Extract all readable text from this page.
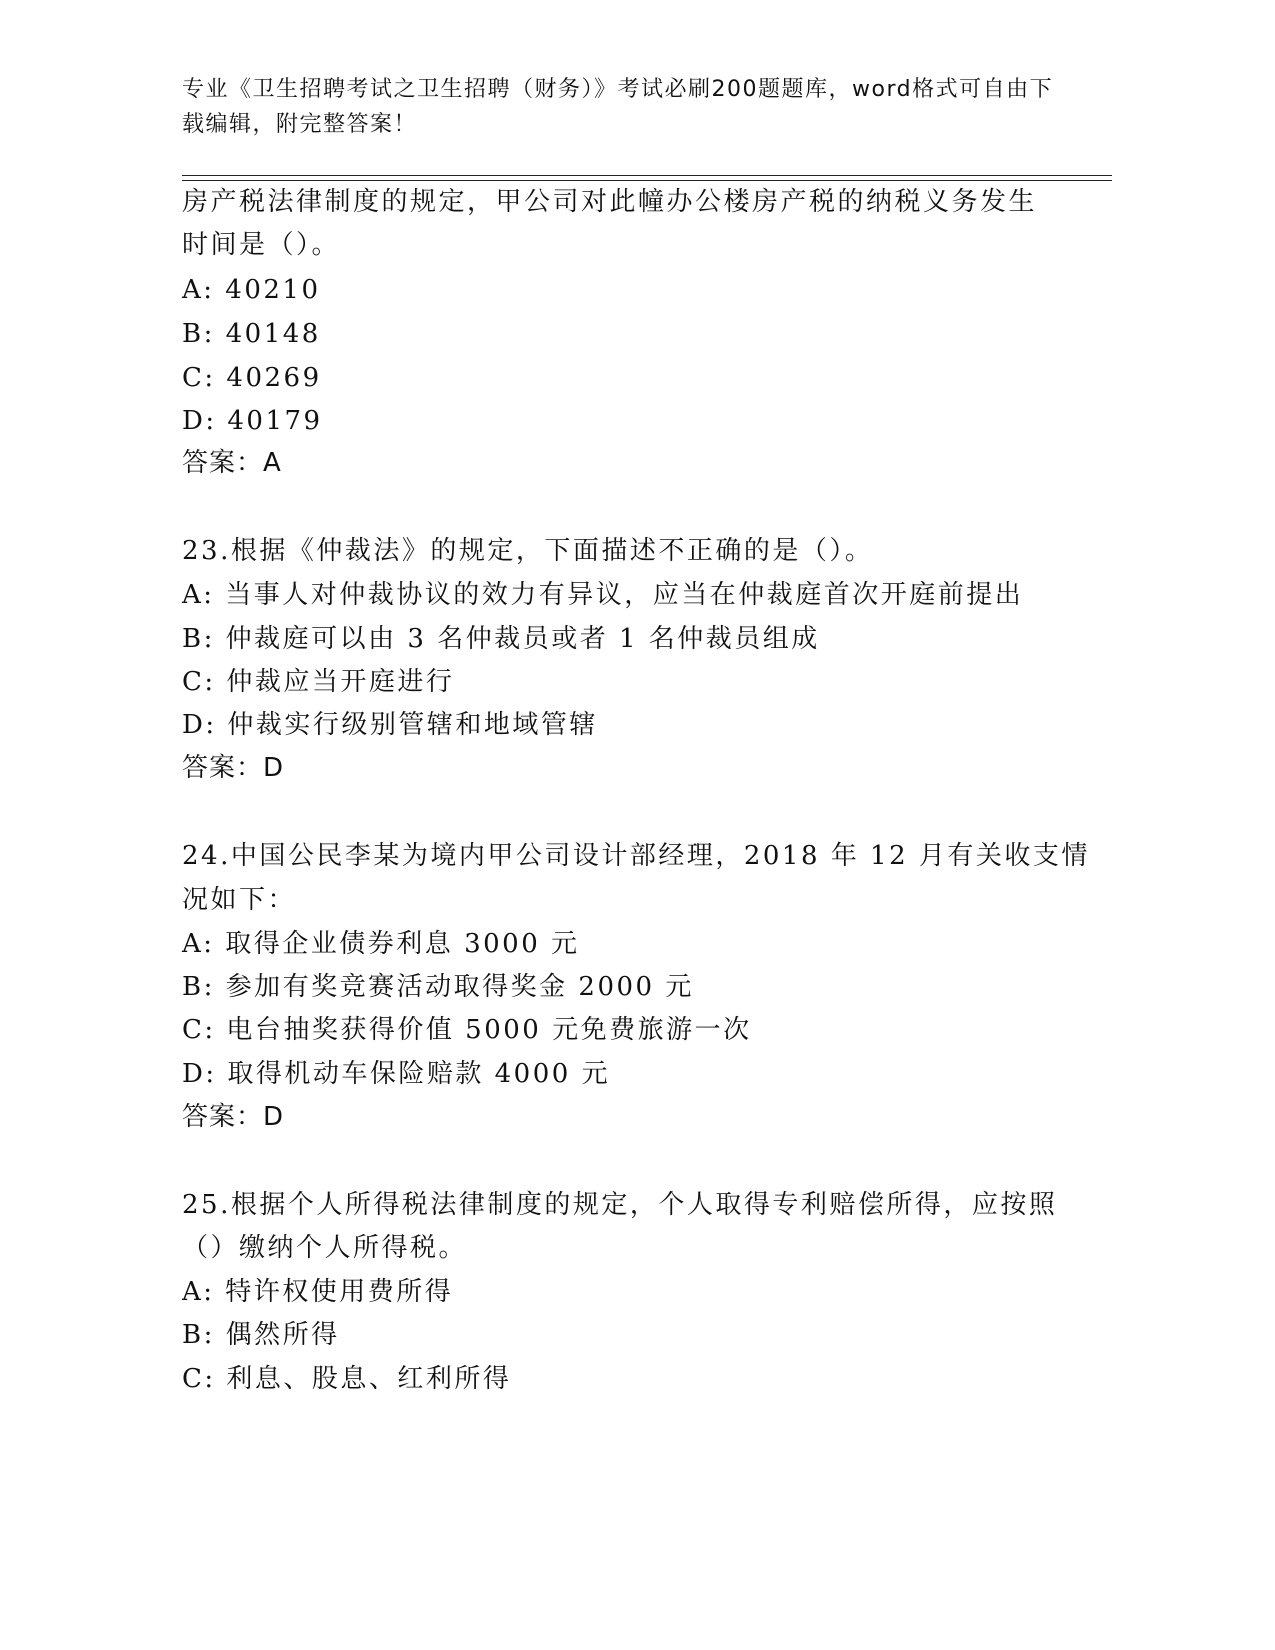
专业《卫生招聘考试之卫生招聘（财务）》考试必刷200题题库，word格式可自由下载编辑，附完整答案！
房产税法律制度的规定，甲公司对此幢办公楼房产税的纳税义务发生
时间是（）。
A: 40210
B: 40148
C: 40269
D: 40179
答案：A
23.根据《仲裁法》的规定，下面描述不正确的是（）。
A: 当事人对仲裁协议的效力有异议，应当在仲裁庭首次开庭前提出
B: 仲裁庭可以由 3 名仲裁员或者 1 名仲裁员组成
C: 仲裁应当开庭进行
D: 仲裁实行级别管辖和地域管辖
答案：D
24.中国公民李某为境内甲公司设计部经理，2018 年 12 月有关收支情
况如下：
A: 取得企业债券利息 3000 元
B: 参加有奖竞赛活动取得奖金 2000 元
C: 电台抽奖获得价值 5000 元免费旅游一次
D: 取得机动车保险赔款 4000 元
答案：D
25.根据个人所得税法律制度的规定，个人取得专利赔偿所得，应按照
（）缴纳个人所得税。
A: 特许权使用费所得
B: 偶然所得
C: 利息、股息、红利所得
